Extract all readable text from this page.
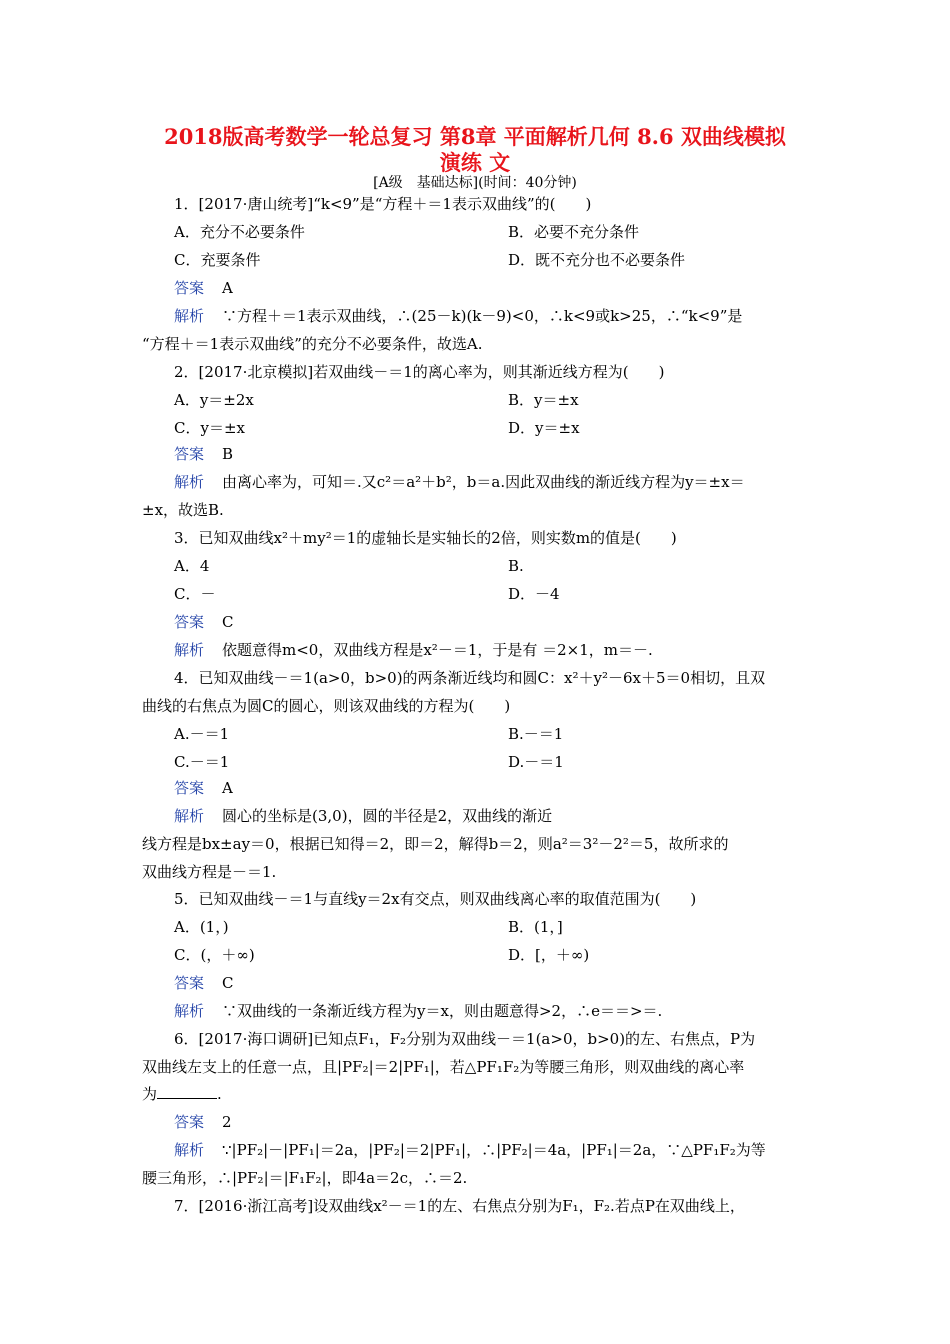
2018版高考数学一轮总复习 第8章 平面解析几何 8.6 双曲线模拟
演练 文
[A级　基础达标](时间：40分钟)
1．[2017·唐山统考]“k<9”是“方程＋＝1表示双曲线”的(　　)
A．充分不必要条件	B．必要不充分条件
C．充要条件	D．既不充分也不必要条件
答案 A
解析 ∵方程＋＝1表示双曲线，∴(25－k)(k－9)<0，∴k<9或k>25，∴“k<9”是
“方程＋＝1表示双曲线”的充分不必要条件，故选A.
2．[2017·北京模拟]若双曲线－＝1的离心率为，则其渐近线方程为(　　)
A．y＝±2x	B．y＝±x
C．y＝±x	D．y＝±x
答案 B
解析 由离心率为，可知＝.又c²＝a²＋b²，b＝a.因此双曲线的渐近线方程为y＝±x＝
±x，故选B.
3．已知双曲线x²＋my²＝1的虚轴长是实轴长的2倍，则实数m的值是(　　)
A．4	B.
C．－	D．－4
答案 C
解析 依题意得m<0，双曲线方程是x²－＝1，于是有 ＝2×1，m＝－.
4．已知双曲线－＝1(a>0，b>0)的两条渐近线均和圆C：x²＋y²－6x＋5＝0相切，且双
曲线的右焦点为圆C的圆心，则该双曲线的方程为(　　)
A.－＝1	B.－＝1
C.－＝1	D.－＝1
答案 A
解析 圆心的坐标是(3,0)，圆的半径是2，双曲线的渐近
线方程是bx±ay＝0，根据已知得＝2，即＝2，解得b＝2，则a²＝3²－2²＝5，故所求的
双曲线方程是－＝1.
5．已知双曲线－＝1与直线y＝2x有交点，则双曲线离心率的取值范围为(　　)
A．(1，)	B．(1，]
C．(，＋∞)	D．[，＋∞)
答案 C
解析 ∵双曲线的一条渐近线方程为y＝x，则由题意得>2，∴e＝＝>＝.
6．[2017·海口调研]已知点F₁，F₂分别为双曲线－＝1(a>0，b>0)的左、右焦点，P为
双曲线左支上的任意一点，且|PF₂|＝2|PF₁|，若△PF₁F₂为等腰三角形，则双曲线的离心率
为	.
答案 2
解析 ∵|PF₂|－|PF₁|＝2a，|PF₂|＝2|PF₁|，∴|PF₂|＝4a，|PF₁|＝2a，∵△PF₁F₂为等
腰三角形，∴|PF₂|＝|F₁F₂|，即4a＝2c，∴＝2.
7．[2016·浙江高考]设双曲线x²－＝1的左、右焦点分别为F₁，F₂.若点P在双曲线上，
